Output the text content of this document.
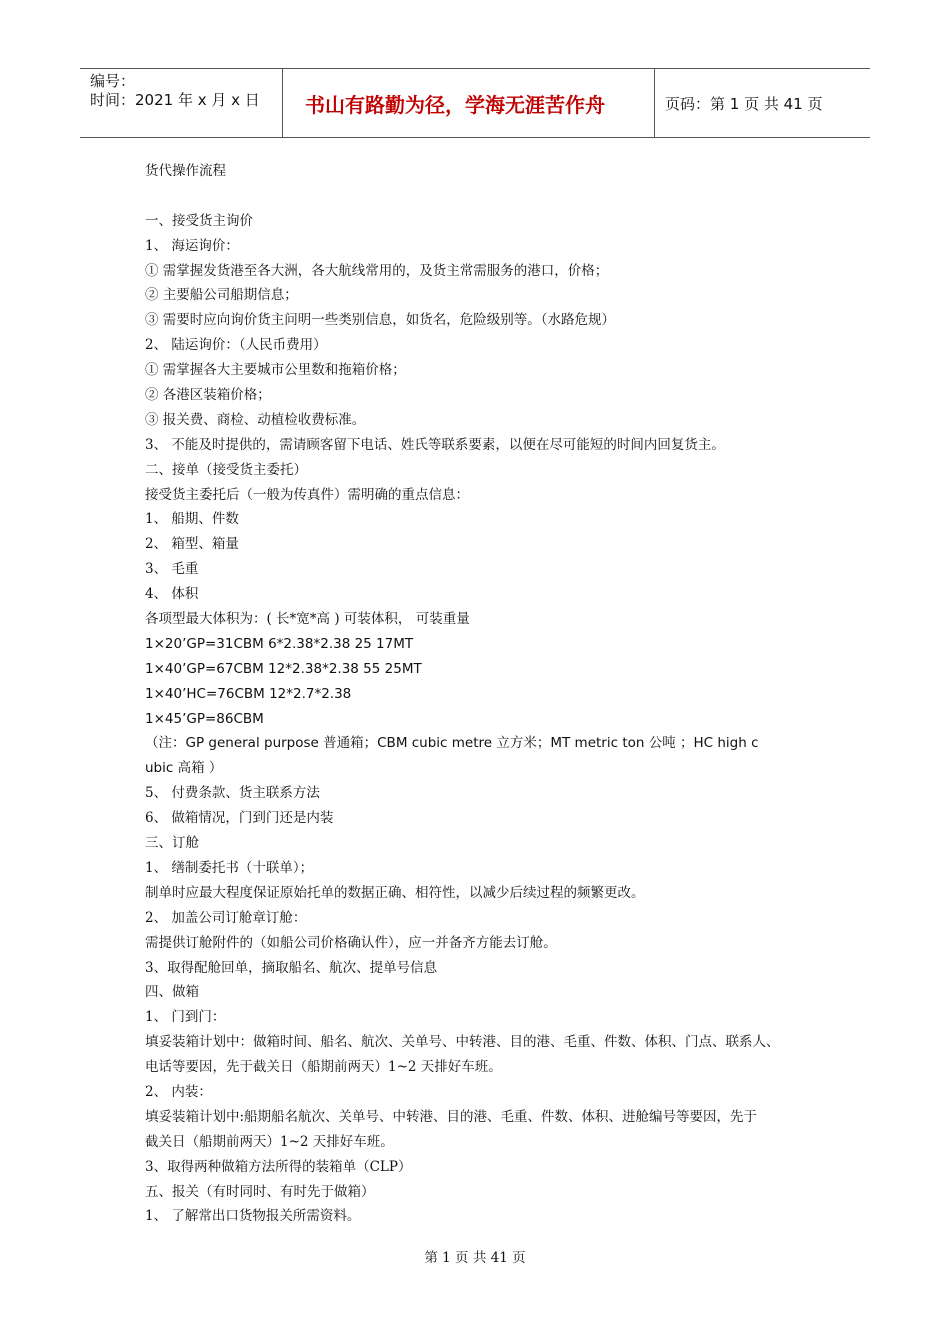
编号：
时间：2021 年 x 月 x 日	书山有路勤为径，学海无涯苦作舟	页码：第 1 页 共 41 页
货代操作流程
一、接受货主询价
1、 海运询价：
① 需掌握发货港至各大洲，各大航线常用的，及货主常需服务的港口，价格；
② 主要船公司船期信息；
③ 需要时应向询价货主问明一些类别信息，如货名，危险级别等。（水路危规）
2、 陆运询价：（人民币费用）
① 需掌握各大主要城市公里数和拖箱价格；
② 各港区装箱价格；
③ 报关费、商检、动植检收费标准。
3、 不能及时提供的，需请顾客留下电话、姓氏等联系要素，以便在尽可能短的时间内回复货主。
二、接单（接受货主委托）
接受货主委托后（一般为传真件）需明确的重点信息：
1、 船期、件数
2、 箱型、箱量
3、 毛重
4、 体积
各项型最大体积为：( 长*宽*高 ) 可装体积， 可装重量
1×20’GP=31CBM 6*2.38*2.38 25 17MT
1×40’GP=67CBM 12*2.38*2.38 55 25MT
1×40’HC=76CBM 12*2.7*2.38
1×45’GP=86CBM
（注：GP general purpose 普通箱；CBM cubic metre 立方米；MT metric ton 公吨 ；HC high c
ubic 高箱 ）
5、 付费条款、货主联系方法
6、 做箱情况，门到门还是内装
三、订舱
1、 缮制委托书（十联单）；
制单时应最大程度保证原始托单的数据正确、相符性，以减少后续过程的频繁更改。
2、 加盖公司订舱章订舱：
需提供订舱附件的（如船公司价格确认件），应一并备齐方能去订舱。
3、取得配舱回单，摘取船名、航次、提单号信息
四、做箱
1、 门到门：
填妥装箱计划中：做箱时间、船名、航次、关单号、中转港、目的港、毛重、件数、体积、门点、联系人、
电话等要因，先于截关日（船期前两天）1~2 天排好车班。
2、 内装：
填妥装箱计划中:船期船名航次、关单号、中转港、目的港、毛重、件数、体积、进舱编号等要因，先于
截关日（船期前两天）1~2 天排好车班。
3、取得两种做箱方法所得的装箱单（CLP）
五、报关（有时同时、有时先于做箱）
1、 了解常出口货物报关所需资料。
第 1 页 共 41 页
